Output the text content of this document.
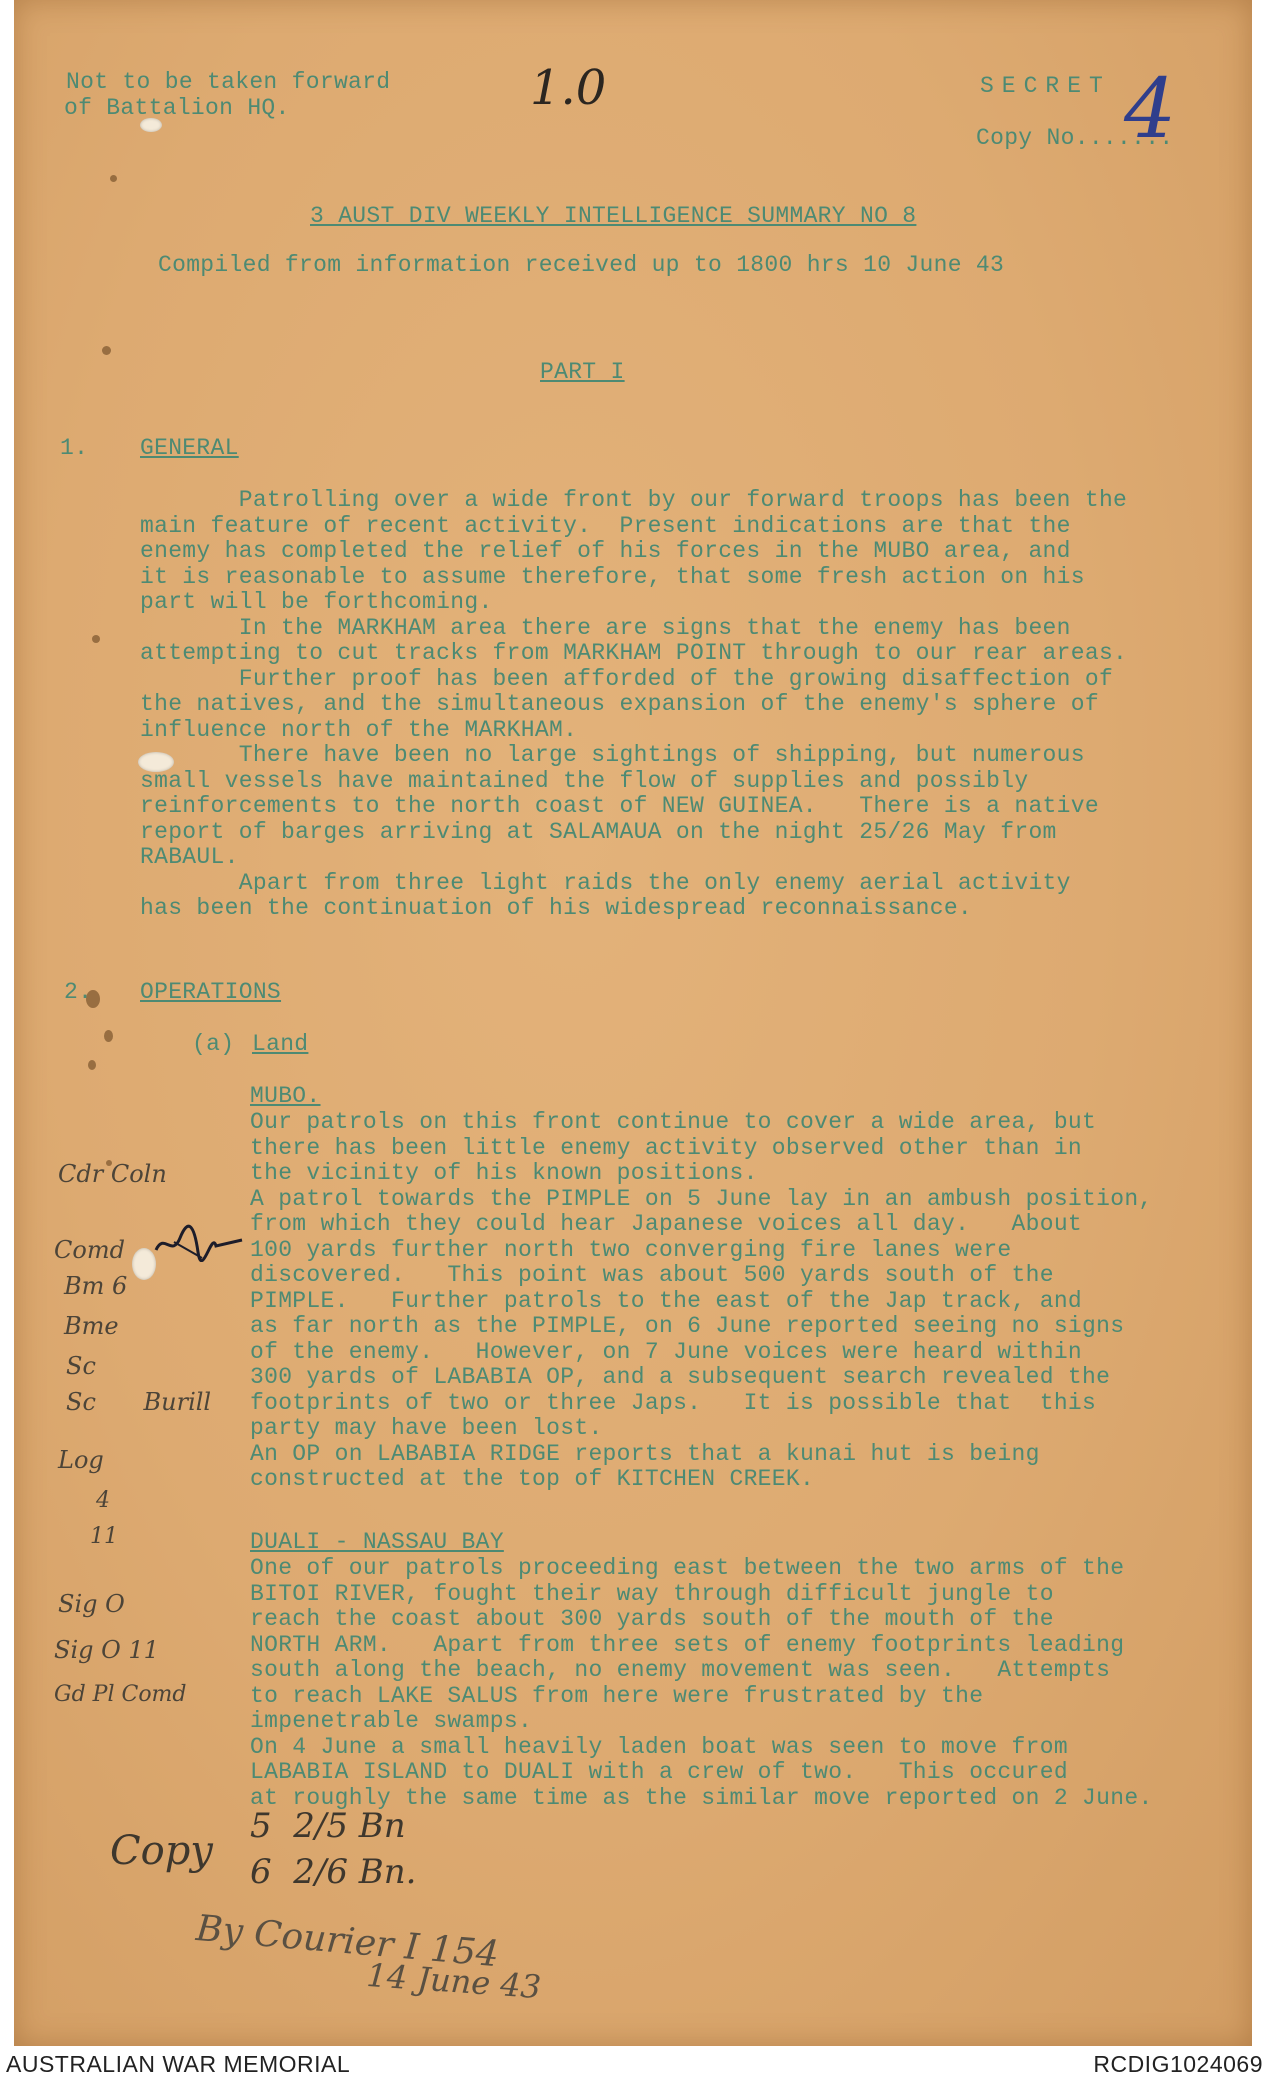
Not to be taken forward
of Battalion HQ.	1.0	SECRET
Copy No.......
4
3 AUST DIV WEEKLY INTELLIGENCE SUMMARY NO 8
Compiled from information received up to 1800 hrs 10 June 43
PART I
1. GENERAL
Patrolling over a wide front by our forward troops has been the
main feature of recent activity.  Present indications are that the
enemy has completed the relief of his forces in the MUBO area, and
it is reasonable to assume therefore, that some fresh action on his
part will be forthcoming.
In the MARKHAM area there are signs that the enemy has been
attempting to cut tracks from MARKHAM POINT through to our rear areas.
Further proof has been afforded of the growing disaffection of
the natives, and the simultaneous expansion of the enemy's sphere of
influence north of the MARKHAM.
There have been no large sightings of shipping, but numerous
small vessels have maintained the flow of supplies and possibly
reinforcements to the north coast of NEW GUINEA.   There is a native
report of barges arriving at SALAMAUA on the night 25/26 May from
RABAUL.
Apart from three light raids the only enemy aerial activity
has been the continuation of his widespread reconnaissance.
2. OPERATIONS
(a) Land
MUBO.
Our patrols on this front continue to cover a wide area, but
there has been little enemy activity observed other than in
the vicinity of his known positions.
A patrol towards the PIMPLE on 5 June lay in an ambush position,
from which they could hear Japanese voices all day.   About
100 yards further north two converging fire lanes were
discovered.   This point was about 500 yards south of the
PIMPLE.   Further patrols to the east of the Jap track, and
as far north as the PIMPLE, on 6 June reported seeing no signs
of the enemy.   However, on 7 June voices were heard within
300 yards of LABABIA OP, and a subsequent search revealed the
footprints of two or three Japs.   It is possible that  this
party may have been lost.
An OP on LABABIA RIDGE reports that a kunai hut is being
constructed at the top of KITCHEN CREEK.
DUALI - NASSAU BAY
One of our patrols proceeding east between the two arms of the
BITOI RIVER, fought their way through difficult jungle to
reach the coast about 300 yards south of the mouth of the
NORTH ARM.   Apart from three sets of enemy footprints leading
south along the beach, no enemy movement was seen.   Attempts
to reach LAKE SALUS from here were frustrated by the
impenetrable swamps.
On 4 June a small heavily laden boat was seen to move from
LABABIA ISLAND to DUALI with a crew of two.   This occured
at roughly the same time as the similar move reported on 2 June.
Cdr Coln
Comd
Bm 6
Bme
Sc
Sc Burill
Log
4
11
Sig O
Sig O 11
Gd Pl Comd
Copy
5  2/5 Bn
6  2/6 Bn.
By Courier I 154
14 June 43
AUSTRALIAN WAR MEMORIAL	RCDIG1024069
